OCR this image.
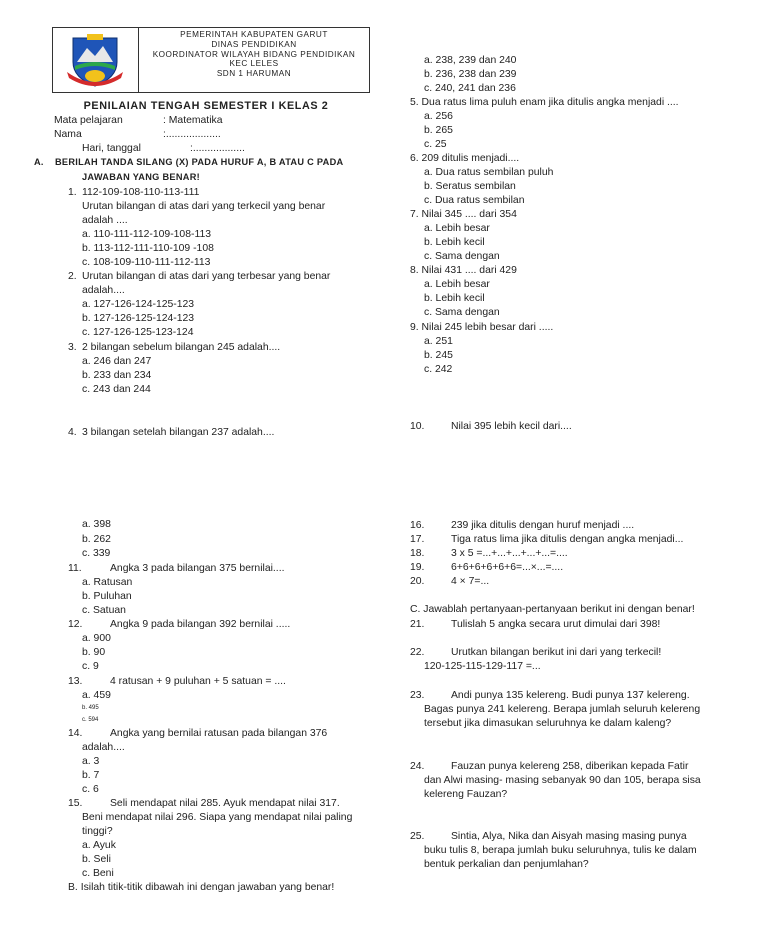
PEMERINTAH KABUPATEN GARUT
DINAS PENDIDIKAN
KOORDINATOR WILAYAH BIDANG PENDIDIKAN
KEC LELES
SDN 1 HARUMAN
PENILAIAN TENGAH SEMESTER I KELAS 2
Mata pelajaran	: Matematika
Nama	:...................
Hari, tanggal	:..................
A. BERILAH TANDA SILANG (X) PADA HURUF A, B ATAU C PADA
JAWABAN YANG BENAR!
1. 112-109-108-110-113-111
Urutan bilangan di atas dari yang terkecil yang benar
adalah ....
a. 110-111-112-109-108-113
b. 113-112-111-110-109 -108
c. 108-109-110-111-112-113
2. Urutan bilangan di atas dari yang terbesar yang benar
adalah....
a. 127-126-124-125-123
b. 127-126-125-124-123
c. 127-126-125-123-124
3. 2 bilangan sebelum bilangan 245 adalah....
a. 246 dan 247
b. 233 dan 234
c. 243 dan 244
4. 3 bilangan setelah bilangan 237 adalah....
a. 398
b. 262
c. 339
11.	Angka 3 pada bilangan 375 bernilai....
a. Ratusan
b. Puluhan
c. Satuan
12.	Angka 9 pada bilangan 392 bernilai .....
a. 900
b. 90
c. 9
13.	4 ratusan + 9 puluhan + 5 satuan = ....
a. 459
b. 495
c. 594
14.	Angka yang bernilai ratusan pada bilangan 376
adalah....
a. 3
b. 7
c. 6
15.	Seli mendapat nilai 285. Ayuk mendapat nilai 317.
Beni mendapat nilai 296. Siapa yang mendapat nilai paling
tinggi?
a. Ayuk
b. Seli
c. Beni
B. Isilah titik-titik dibawah ini dengan jawaban yang benar!
a. 238, 239 dan 240
b. 236, 238 dan 239
c. 240, 241 dan 236
5. Dua ratus lima puluh enam jika ditulis angka menjadi ....
a. 256
b. 265
c. 25
6. 209 ditulis menjadi....
a. Dua ratus sembilan puluh
b. Seratus sembilan
c. Dua ratus sembilan
7. Nilai 345 .... dari 354
a. Lebih besar
b. Lebih kecil
c. Sama dengan
8. Nilai 431 .... dari 429
a. Lebih besar
b. Lebih kecil
c. Sama dengan
9. Nilai 245 lebih besar dari .....
a. 251
b. 245
c. 242
10.	Nilai 395 lebih kecil dari....
16.	239 jika ditulis dengan huruf menjadi ....
17.	Tiga ratus lima jika ditulis dengan angka menjadi...
18.	3 x 5 =...+...+...+...+...=....
19.	6+6+6+6+6+6=...×...=....
20.	4 × 7=...
C. Jawablah pertanyaan-pertanyaan berikut ini dengan benar!
21.	Tulislah 5 angka secara urut dimulai dari 398!
22.	Urutkan bilangan berikut ini dari yang terkecil!
120-125-115-129-117 =...
23.	Andi punya 135 kelereng. Budi punya 137 kelereng.
Bagas punya 241 kelereng. Berapa jumlah seluruh kelereng
tersebut jika dimasukan seluruhnya ke dalam kaleng?
24.	Fauzan punya kelereng 258, diberikan kepada Fatir
dan Alwi masing- masing sebanyak 90 dan 105, berapa sisa
kelereng Fauzan?
25.	Sintia, Alya, Nika dan Aisyah masing masing punya
buku tulis 8, berapa jumlah buku seluruhnya, tulis ke dalam
bentuk perkalian dan penjumlahan?
